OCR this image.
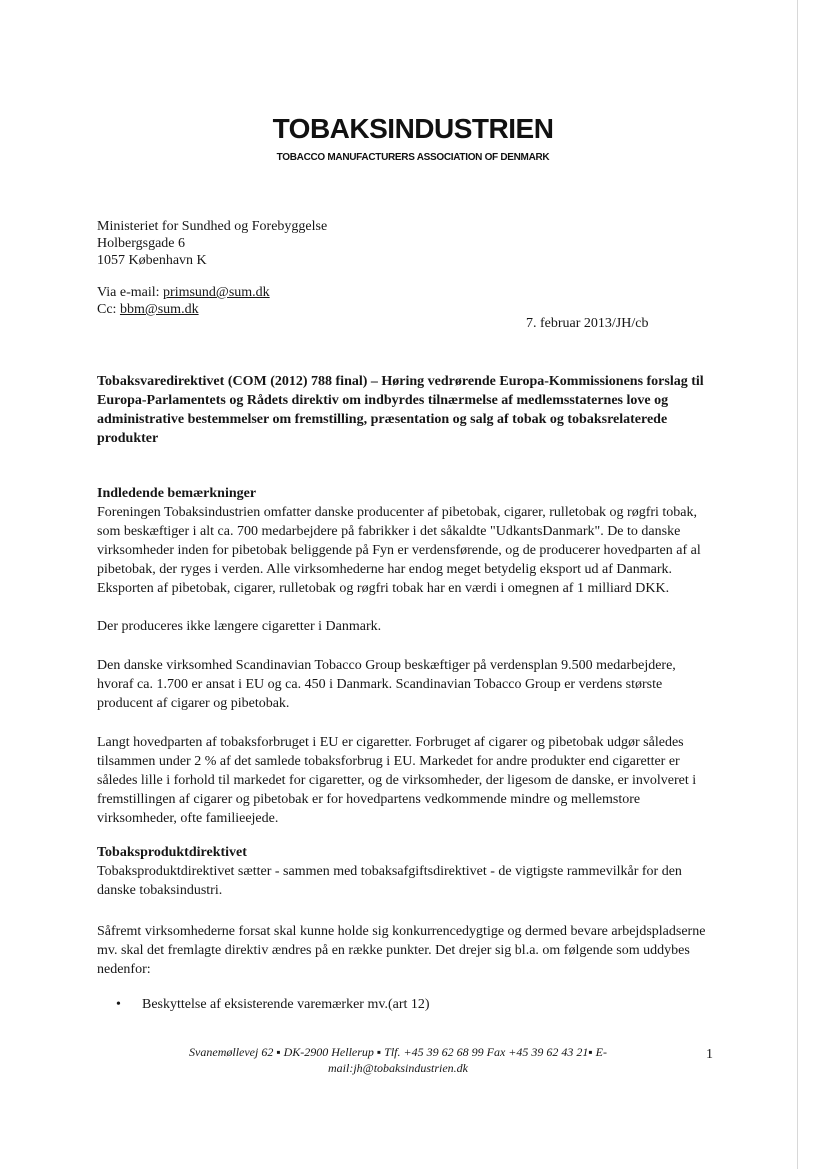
TOBAKSINDUSTRIEN
TOBACCO MANUFACTURERS ASSOCIATION OF DENMARK
Ministeriet for Sundhed og Forebyggelse
Holbergsgade 6
1057 København K
Via e-mail: primsund@sum.dk
Cc: bbm@sum.dk
7. februar 2013/JH/cb
Tobaksvaredirektivet (COM (2012) 788 final) – Høring vedrørende Europa-Kommissionens forslag til
Europa-Parlamentets og Rådets direktiv om indbyrdes tilnærmelse af medlemsstaternes love og
administrative bestemmelser om fremstilling, præsentation og salg af tobak og tobaksrelaterede
produkter
Indledende bemærkninger
Foreningen Tobaksindustrien omfatter danske producenter af pibetobak, cigarer, rulletobak og røgfri tobak,
som beskæftiger i alt ca. 700 medarbejdere på fabrikker i det såkaldte "UdkantsDanmark". De to danske
virksomheder inden for pibetobak beliggende på Fyn er verdensførende, og de producerer hovedparten af al
pibetobak, der ryges i verden. Alle virksomhederne har endog meget betydelig eksport ud af Danmark.
Eksporten af pibetobak, cigarer, rulletobak og røgfri tobak har en værdi i omegnen af 1 milliard DKK.
Der produceres ikke længere cigaretter i Danmark.
Den danske virksomhed Scandinavian Tobacco Group beskæftiger på verdensplan 9.500 medarbejdere,
hvoraf ca. 1.700 er ansat i EU og ca. 450 i Danmark. Scandinavian Tobacco Group er verdens største
producent af cigarer og pibetobak.
Langt hovedparten af tobaksforbruget i EU er cigaretter. Forbruget af cigarer og pibetobak udgør således
tilsammen under 2 % af det samlede tobaksforbrug i EU. Markedet for andre produkter end cigaretter er
således lille i forhold til markedet for cigaretter, og de virksomheder, der ligesom de danske, er involveret i
fremstillingen af cigarer og pibetobak er for hovedpartens vedkommende mindre og mellemstore
virksomheder, ofte familieejede.
Tobaksproduktdirektivet
Tobaksproduktdirektivet sætter - sammen med tobaksafgiftsdirektivet - de vigtigste rammevilkår for den
danske tobaksindustri.
Såfremt virksomhederne forsat skal kunne holde sig konkurrencedygtige og dermed bevare arbejdspladserne
mv. skal det fremlagte direktiv ændres på en række punkter. Det drejer sig bl.a. om følgende som uddybes
nedenfor:
• Beskyttelse af eksisterende varemærker mv.(art 12)
Svanemøllevej 62 ▪ DK-2900 Hellerup ▪ Tlf. +45 39 62 68 99 Fax +45 39 62 43 21▪ E-
mail:jh@tobaksindustrien.dk
1
